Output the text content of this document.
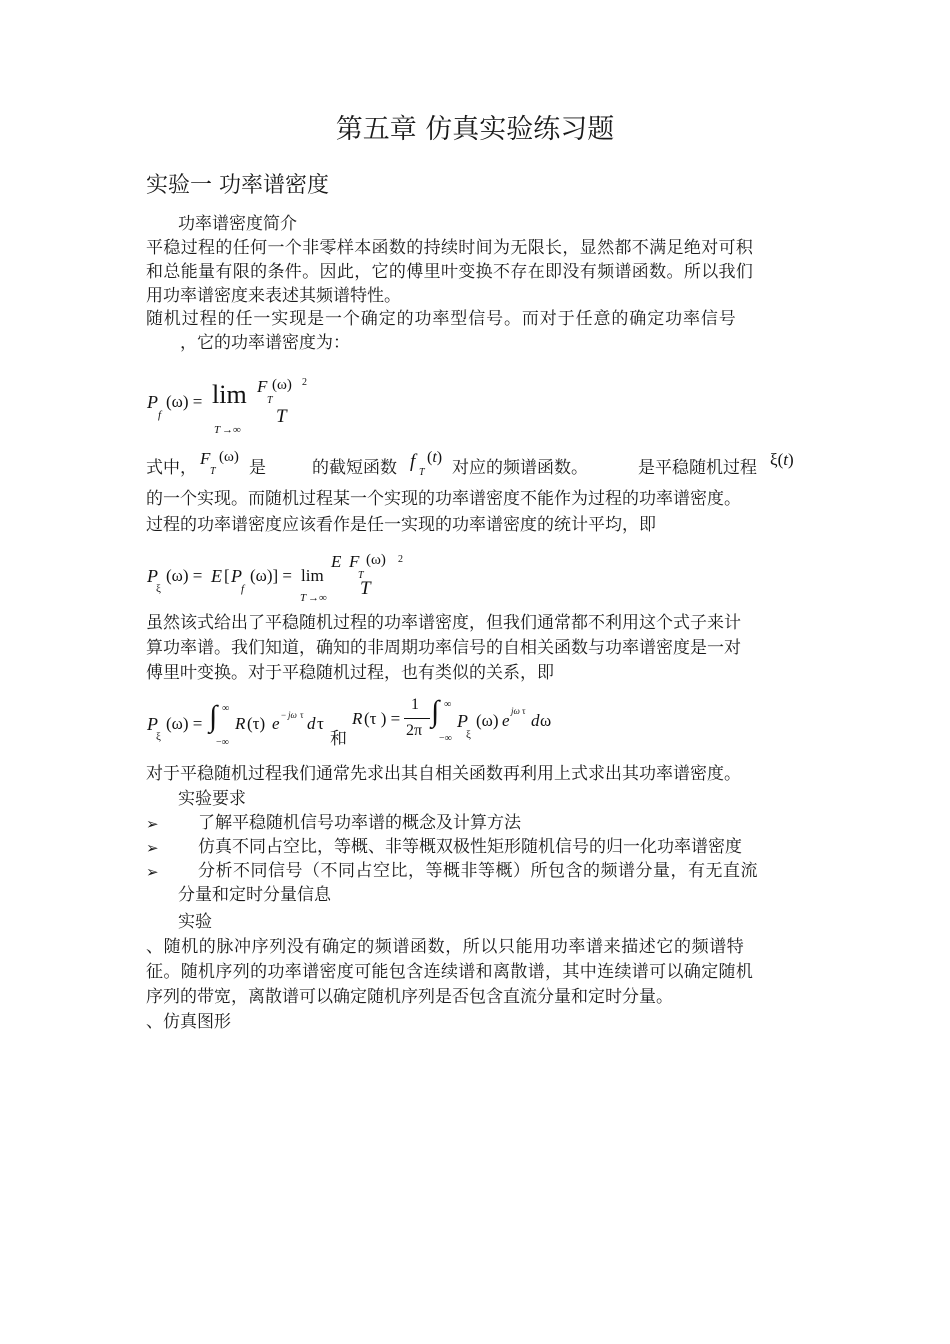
第五章 仿真实验练习题
实验一 功率谱密度
功率谱密度简介
平稳过程的任何一个非零样本函数的持续时间为无限长，显然都不满足绝对可积
和总能量有限的条件。因此，它的傅里叶变换不存在即没有频谱函数。所以我们
用功率谱密度来表述其频谱特性。
随机过程的任一实现是一个确定的功率型信号。而对于任意的确定功率信号
，它的功率谱密度为：
P
f
(ω) = lim
T →∞
F
T
(ω) 2
T
式中， F
T
(ω)
是	的截短函数 f
T
(t)
对应的频谱函数。	是平稳随机过程 ξ(t)
的一个实现。而随机过程某一个实现的功率谱密度不能作为过程的功率谱密度。
过程的功率谱密度应该看作是任一实现的功率谱密度的统计平均，即
P
ξ
(ω) = E [ P
f
(ω)] = lim
T →∞
E F
T
(ω) 2
T
虽然该式给出了平稳随机过程的功率谱密度，但我们通常都不利用这个式子来计
算功率谱。我们知道，确知的非周期功率信号的自相关函数与功率谱密度是一对
傅里叶变换。对于平稳随机过程，也有类似的关系，即
P
ξ
(ω) = ∫ ∞
−∞
R (τ) e − jω τ d τ
和
R (τ ) =
1
2π
∫ ∞
−∞
P
ξ
(ω) e jω τ d ω
对于平稳随机过程我们通常先求出其自相关函数再利用上式求出其功率谱密度。
实验要求
➢ 了解平稳随机信号功率谱的概念及计算方法
➢ 仿真不同占空比，等概、非等概双极性矩形随机信号的归一化功率谱密度
➢ 分析不同信号（不同占空比，等概非等概）所包含的频谱分量，有无直流
分量和定时分量信息
实验
、随机的脉冲序列没有确定的频谱函数，所以只能用功率谱来描述它的频谱特
征。随机序列的功率谱密度可能包含连续谱和离散谱，其中连续谱可以确定随机
序列的带宽，离散谱可以确定随机序列是否包含直流分量和定时分量。
、仿真图形
